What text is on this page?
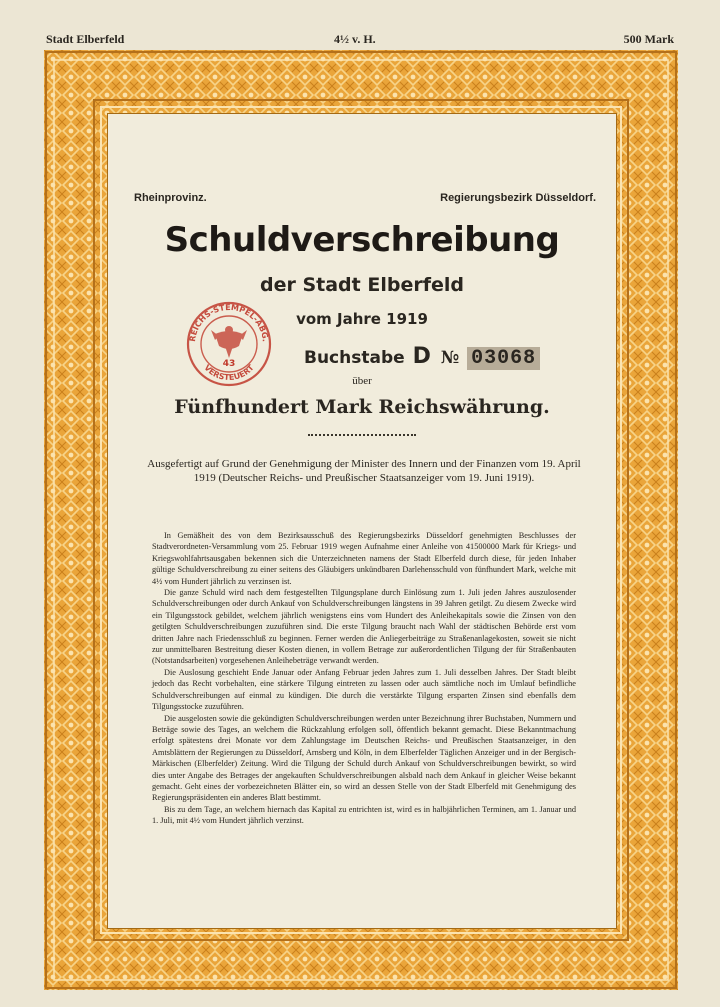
Stadt Elberfeld	4½ v. H.	500 Mark
Rheinprovinz.	Regierungsbezirk Düsseldorf.
Schuldverschreibung
der Stadt Elberfeld
vom Jahre 1919
Buchstabe D № 03068
über
Fünfhundert Mark Reichswährung.
Ausgefertigt auf Grund der Genehmigung der Minister des Innern und der Finanzen vom 19. April 1919 (Deutscher Reichs- und Preußischer Staatsanzeiger vom 19. Juni 1919).

In Gemäßheit des von dem Bezirksausschuß des Regierungsbezirks Düsseldorf genehmigten Beschlusses der Stadtverordneten-Versammlung vom 25. Februar 1919 wegen Aufnahme einer Anleihe von 41500000 Mark für Kriegs- und Kriegswohlfahrtsausgaben bekennen sich die Unterzeichneten namens der Stadt Elberfeld durch diese, für jeden Inhaber gültige Schuldverschreibung zu einer seitens des Gläubigers unkündbaren Darlehensschuld von fünfhundert Mark, welche mit 4½ vom Hundert jährlich zu verzinsen ist.

Die ganze Schuld wird nach dem festgestellten Tilgungsplane durch Einlösung zum 1. Juli jeden Jahres auszulosender Schuldverschreibungen oder durch Ankauf von Schuldverschreibungen längstens in 39 Jahren getilgt. Zu diesem Zwecke wird ein Tilgungsstock gebildet, welchem jährlich wenigstens eins vom Hundert des Anleihekapitals sowie die Zinsen von den getilgten Schuldverschreibungen zuzuführen sind. Die erste Tilgung braucht nach Wahl der städtischen Behörde erst vom dritten Jahre nach Friedensschluß zu beginnen. Ferner werden die Anliegerbeiträge zu Straßenanlagekosten, soweit sie nicht zur unmittelbaren Bestreitung dieser Kosten dienen, in vollem Betrage zur außerordentlichen Tilgung der für Straßenbauten (Notstandsarbeiten) vorgesehenen Anleihebeträge verwandt werden.

Die Auslosung geschieht Ende Januar oder Anfang Februar jeden Jahres zum 1. Juli desselben Jahres. Der Stadt bleibt jedoch das Recht vorbehalten, eine stärkere Tilgung eintreten zu lassen oder auch sämtliche noch im Umlauf befindliche Schuldverschreibungen auf einmal zu kündigen. Die durch die verstärkte Tilgung ersparten Zinsen sind ebenfalls dem Tilgungsstocke zuzuführen.

Die ausgelosten sowie die gekündigten Schuldverschreibungen werden unter Bezeichnung ihrer Buchstaben, Nummern und Beträge sowie des Tages, an welchem die Rückzahlung erfolgen soll, öffentlich bekannt gemacht. Diese Bekanntmachung erfolgt spätestens drei Monate vor dem Zahlungstage im Deutschen Reichs- und Preußischen Staatsanzeiger, in den Amtsblättern der Regierungen zu Düsseldorf, Arnsberg und Köln, in dem Elberfelder Täglichen Anzeiger und in der Bergisch-Märkischen (Elberfelder) Zeitung. Wird die Tilgung der Schuld durch Ankauf von Schuldverschreibungen bewirkt, so wird dies unter Angabe des Betrages der angekauften Schuldverschreibungen alsbald nach dem Ankauf in gleicher Weise bekannt gemacht. Geht eines der vorbezeichneten Blätter ein, so wird an dessen Stelle von der Stadt Elberfeld mit Genehmigung des Regierungspräsidenten ein anderes Blatt bestimmt.

Bis zu dem Tage, an welchem hiernach das Kapital zu entrichten ist, wird es in halbjährlichen Terminen, am 1. Januar und 1. Juli, mit 4½ vom Hundert jährlich verzinst.

REICHS-STEMPEL-ABG.
VERSTEUERT
43
